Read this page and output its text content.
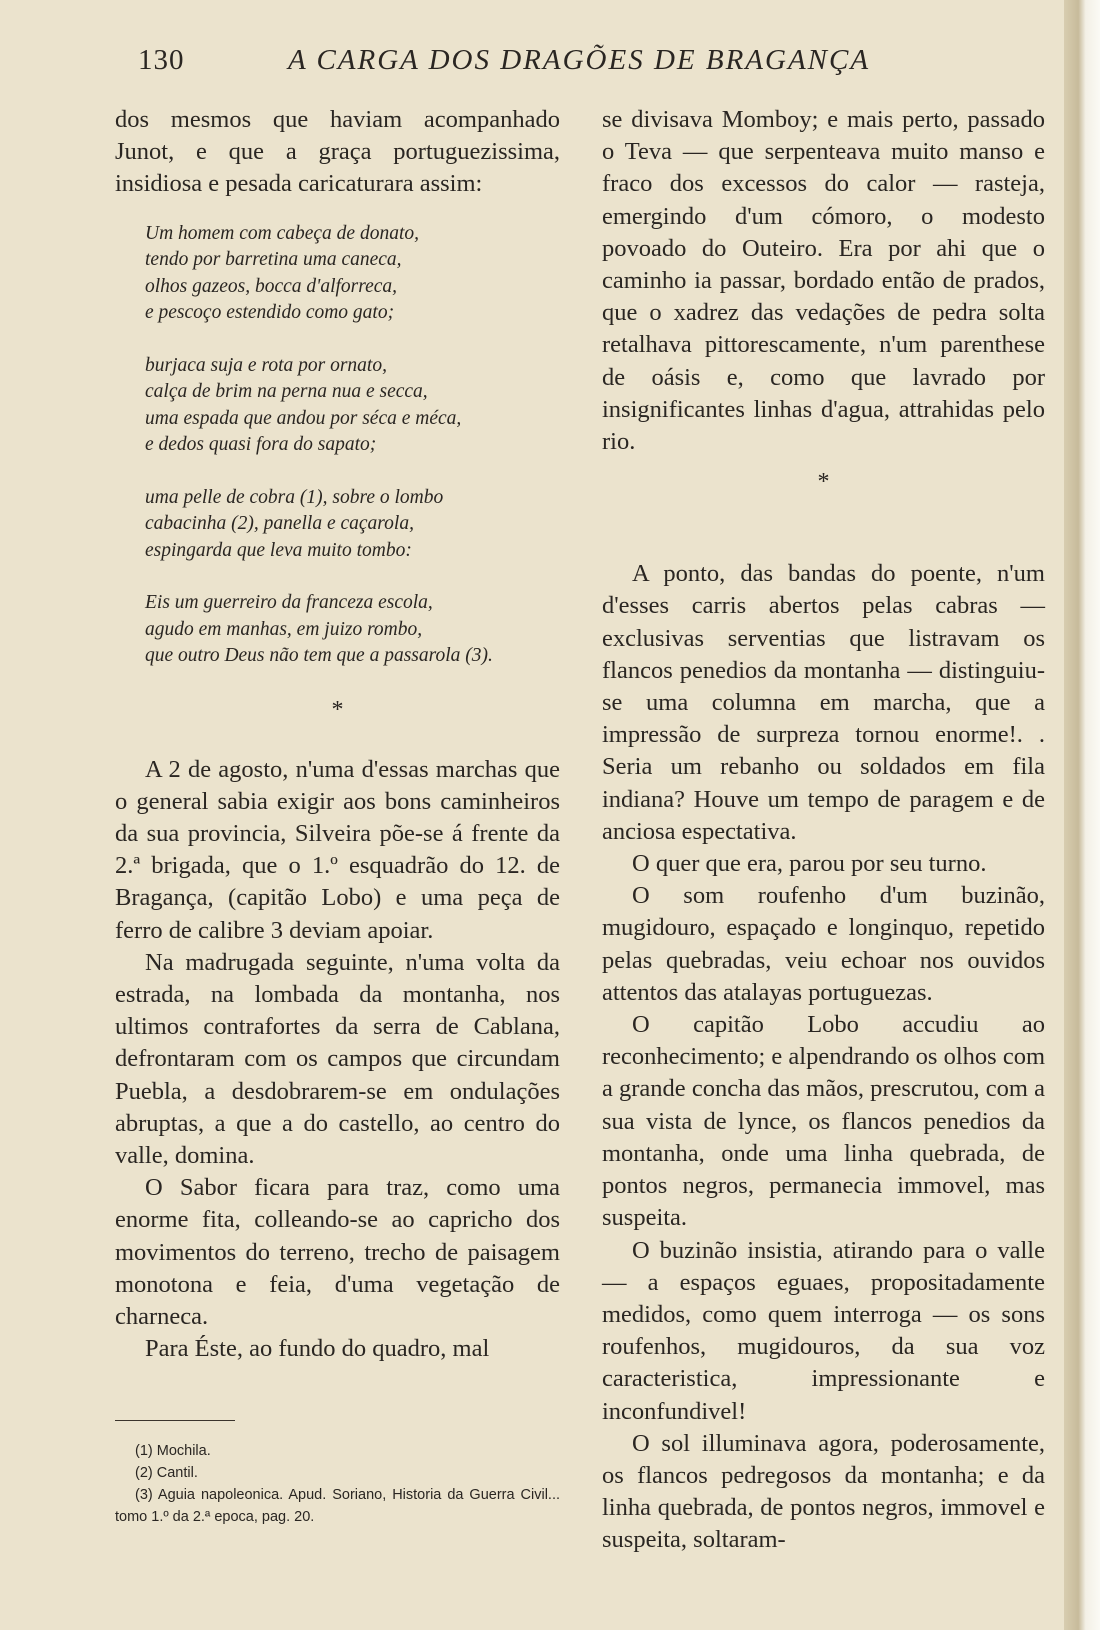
130	A CARGA DOS DRAGÕES DE BRAGANÇA

dos mesmos que haviam acompanhado Junot, e que a graça portuguezissima, insidiosa e pesada caricaturara assim:

Um homem com cabeça de donato,
tendo por barretina uma caneca,
olhos gazeos, bocca d'alforreca,
e pescoço estendido como gato;
burjaca suja e rota por ornato,
calça de brim na perna nua e secca,
uma espada que andou por séca e méca,
e dedos quasi fora do sapato;
uma pelle de cobra (1), sobre o lombo
cabacinha (2), panella e caçarola,
espingarda que leva muito tombo:
Eis um guerreiro da franceza escola,
agudo em manhas, em juizo rombo,
que outro Deus não tem que a passarola (3).
*

A 2 de agosto, n'uma d'essas marchas que o general sabia exigir aos bons caminheiros da sua provincia, Silveira põe-se á frente da 2.ª brigada, que o 1.º esquadrão do 12. de Bragança, (capitão Lobo) e uma peça de ferro de calibre 3 deviam apoiar.

Na madrugada seguinte, n'uma volta da estrada, na lombada da montanha, nos ultimos contrafortes da serra de Cablana, defrontaram com os campos que circundam Puebla, a desdobrarem-se em ondulações abruptas, a que a do castello, ao centro do valle, domina.

O Sabor ficara para traz, como uma enorme fita, colleando-se ao capricho dos movimentos do terreno, trecho de paisagem monotona e feia, d'uma vegetação de charneca.

Para Éste, ao fundo do quadro, mal

se divisava Momboy; e mais perto, passado o Teva — que serpenteava muito manso e fraco dos excessos do calor — rasteja, emergindo d'um cómoro, o modesto povoado do Outeiro. Era por ahi que o caminho ia passar, bordado então de prados, que o xadrez das vedações de pedra solta retalhava pittorescamente, n'um parenthese de oásis e, como que lavrado por insignificantes linhas d'agua, attrahidas pelo rio.

*

A ponto, das bandas do poente, n'um d'esses carris abertos pelas cabras — exclusivas serventias que listravam os flancos penedios da montanha — distinguiu-se uma columna em marcha, que a impressão de surpreza tornou enorme!. . Seria um rebanho ou soldados em fila indiana? Houve um tempo de paragem e de anciosa espectativa.

O quer que era, parou por seu turno.

O som roufenho d'um buzinão, mugidouro, espaçado e longinquo, repetido pelas quebradas, veiu echoar nos ouvidos attentos das atalayas portuguezas.

O capitão Lobo accudiu ao reconhecimento; e alpendrando os olhos com a grande concha das mãos, prescrutou, com a sua vista de lynce, os flancos penedios da montanha, onde uma linha quebrada, de pontos negros, permanecia immovel, mas suspeita.

O buzinão insistia, atirando para o valle — a espaços eguaes, propositadamente medidos, como quem interroga — os sons roufenhos, mugidouros, da sua voz caracteristica, impressionante e inconfundivel!

O sol illuminava agora, poderosamente, os flancos pedregosos da montanha; e da linha quebrada, de pontos negros, immovel e suspeita, soltaram-

(1) Mochila.
(2) Cantil.
(3) Aguia napoleonica. Apud. Soriano, Historia da Guerra Civil... tomo 1.º da 2.ª epoca, pag. 20.
